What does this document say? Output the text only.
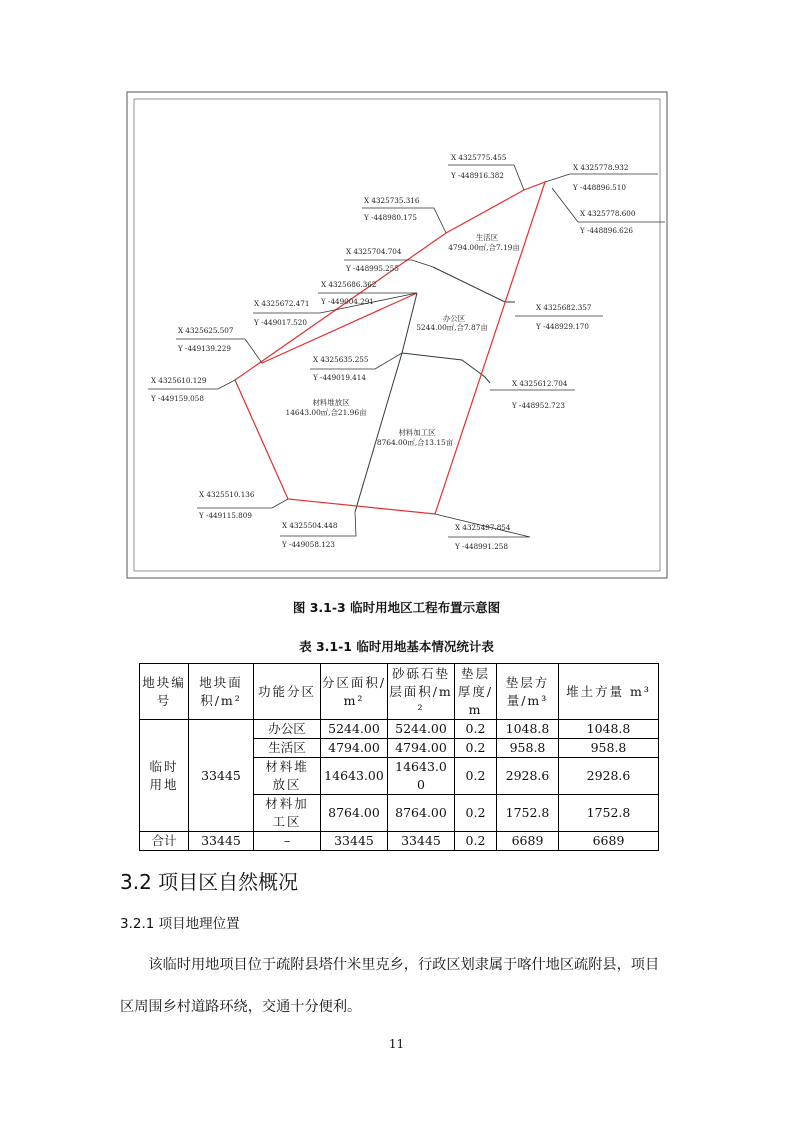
X 4325775.455
Y -448916.382
X 4325778.932
Y -448896.510
X 4325778.600
Y -448896.626
X 4325735.316
Y -448980.175
X 4325704.704
Y -448995.255
X 4325686.362
Y -449004.291
X 4325672.471
Y -449017.520
X 4325682.357
Y -448929.170
X 4325625.507
Y -449139.229
X 4325635.255
Y -449019.414
X 4325612.704
Y -448952.723
X 4325610.129
Y -449159.058
X 4325510.136
Y -449115.809
X 4325504.448
Y -449058.123
X 4325497.854
Y -448991.258
生活区
4794.00㎡,合7.19亩
办公区
5244.00㎡,合7.87亩
材料堆放区
14643.00㎡,合21.96亩
材料加工区
8764.00㎡,合13.15亩
图 3.1-3 临时用地区工程布置示意图
表 3.1-1 临时用地基本情况统计表
地块编号	地块面积/m²	功能分区	分区面积/m²	砂砾石垫层面积/m²	垫层厚度/m	垫层方量/m³	堆土方量 m³
临时用地	33445	办公区	5244.00	5244.00	0.2	1048.8	1048.8
		生活区	4794.00	4794.00	0.2	958.8	958.8
		材料堆放区	14643.00	14643.00	0.2	2928.6	2928.6
		材料加工区	8764.00	8764.00	0.2	1752.8	1752.8
合计	33445	–	33445	33445	0.2	6689	6689
3.2 项目区自然概况
3.2.1 项目地理位置

该临时用地项目位于疏附县塔什米里克乡，行政区划隶属于喀什地区疏附县，项目区周围乡村道路环绕，交通十分便利。

11
